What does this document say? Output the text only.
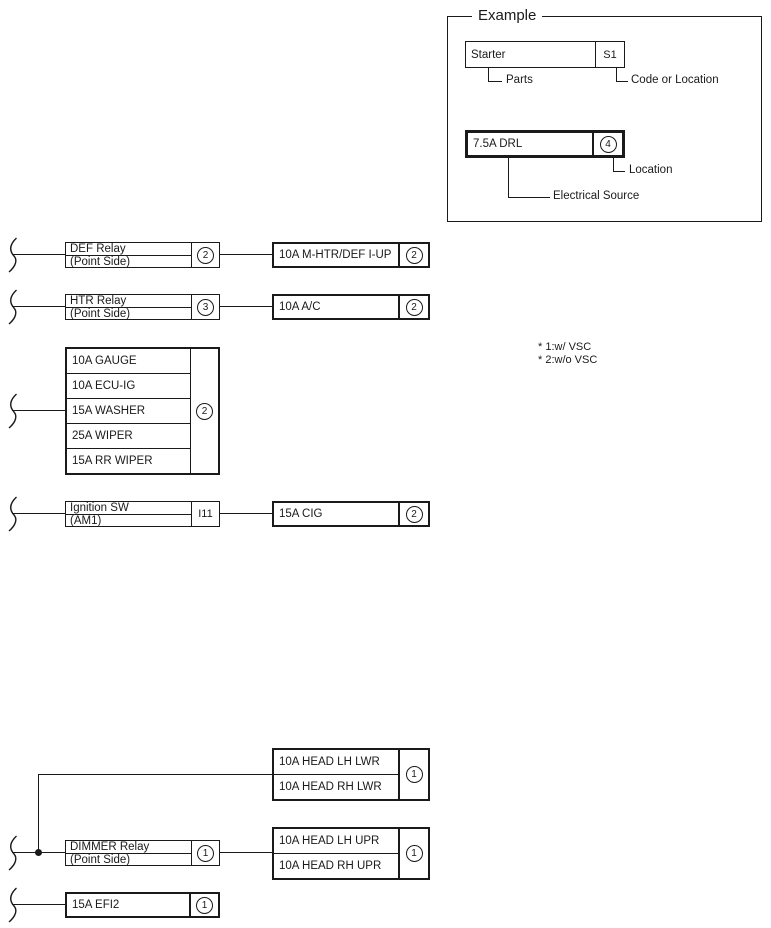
Example
Starter	S1
Parts	Code or Location
7.5A DRL	4
Location
Electrical Source
* 1:w/ VSC
* 2:w/o VSC
DEF Relay
(Point Side)
2	10A M-HTR/DEF I-UP	2
HTR Relay
(Point Side)
3	10A A/C	2
10A GAUGE
10A ECU-IG
15A WASHER
25A WIPER
15A RR WIPER
2
Ignition SW
(AM1)
I11	15A CIG	2
10A HEAD LH LWR
10A HEAD RH LWR
1
DIMMER Relay
(Point Side)
1
10A HEAD LH UPR
10A HEAD RH UPR
1
15A EFI2	1
